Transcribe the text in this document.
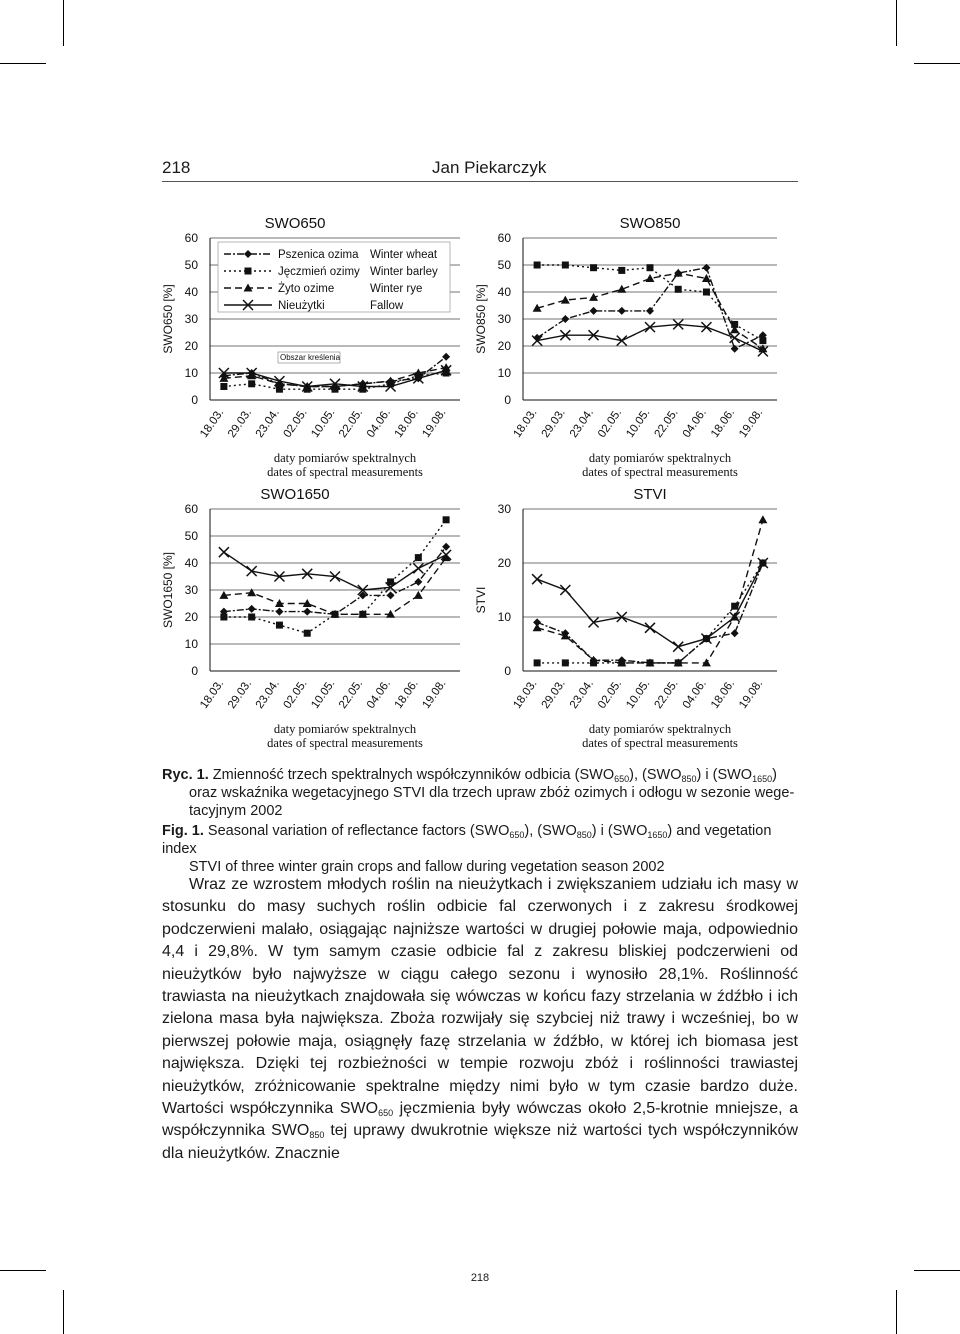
218	Jan Piekarczyk
0
10
20
30
40
50
60
18.03. 29.03. 23.04. 02.05. 10.05. 22.05. 04.06. 18.06. 19.08.
SWO650
SWO650 [%]
daty pomiarów spektralnych
dates of spectral measurements
Pszenica ozima Winter wheat
Jęczmień ozimy Winter barley
Żyto ozime	Winter rye
Nieużytki	Fallow
Obszar kreślenia
0
10
20
30
40
50
60
18.03. 29.03. 23.04. 02.05. 10.05. 22.05. 04.06. 18.06. 19.08.
SWO850
SWO850 [%]
daty pomiarów spektralnych
dates of spectral measurements
0
10
20
30
40
50
60
18.03. 29.03. 23.04. 02.05. 10.05. 22.05. 04.06. 18.06. 19.08.
SWO1650
SWO1650 [%]
daty pomiarów spektralnych
dates of spectral measurements
0
10
20
30
18.03. 29.03. 23.04. 02.05. 10.05. 22.05. 04.06. 18.06. 19.08.
STVI
STVI
daty pomiarów spektralnych
dates of spectral measurements
Ryc. 1. Zmienność trzech spektralnych współczynników odbicia $(SWO_{650})$, $(SWO_{850})$ i $(SWO_{1650})$
oraz wskaźnika wegetacyjnego STVI dla trzech upraw zbóż ozimych i odłogu w sezonie wege-
tacyjnym 2002
Fig. 1. Seasonal variation of reflectance factors $(SWO_{650})$, $(SWO_{850})$ i $(SWO_{1650})$ and vegetation index
STVI of three winter grain crops and fallow during vegetation season 2002

Wraz ze wzrostem młodych roślin na nieużytkach i zwiększaniem udziału ich masy w stosunku do masy suchych roślin odbicie fal czerwonych i z zakresu środkowej podczerwieni malało, osiągając najniższe wartości w drugiej połowie maja, odpowiednio 4,4 i 29,8%. W tym samym czasie odbicie fal z zakresu bliskiej podczerwieni od nieużytków było najwyższe w ciągu całego sezonu i wynosiło 28,1%. Roślinność trawiasta na nieużytkach znajdowała się wówczas w końcu fazy strzelania w źdźbło i ich zielona masa była największa. Zboża rozwijały się szybciej niż trawy i wcześniej, bo w pierwszej połowie maja, osiągnęły fazę strzelania w źdźbło, w której ich biomasa jest największa. Dzięki tej rozbieżności w tempie rozwoju zbóż i roślinności trawiastej nieużytków, zróżnicowanie spektralne między nimi było w tym czasie bardzo duże. Wartości współczynnika $SWO_{650}$ jęczmienia były wówczas około 2,5-krotnie mniejsze, a współczynnika $SWO_{850}$ tej uprawy dwukrotnie większe niż wartości tych współczynników dla nieużytków. Znacznie

218
